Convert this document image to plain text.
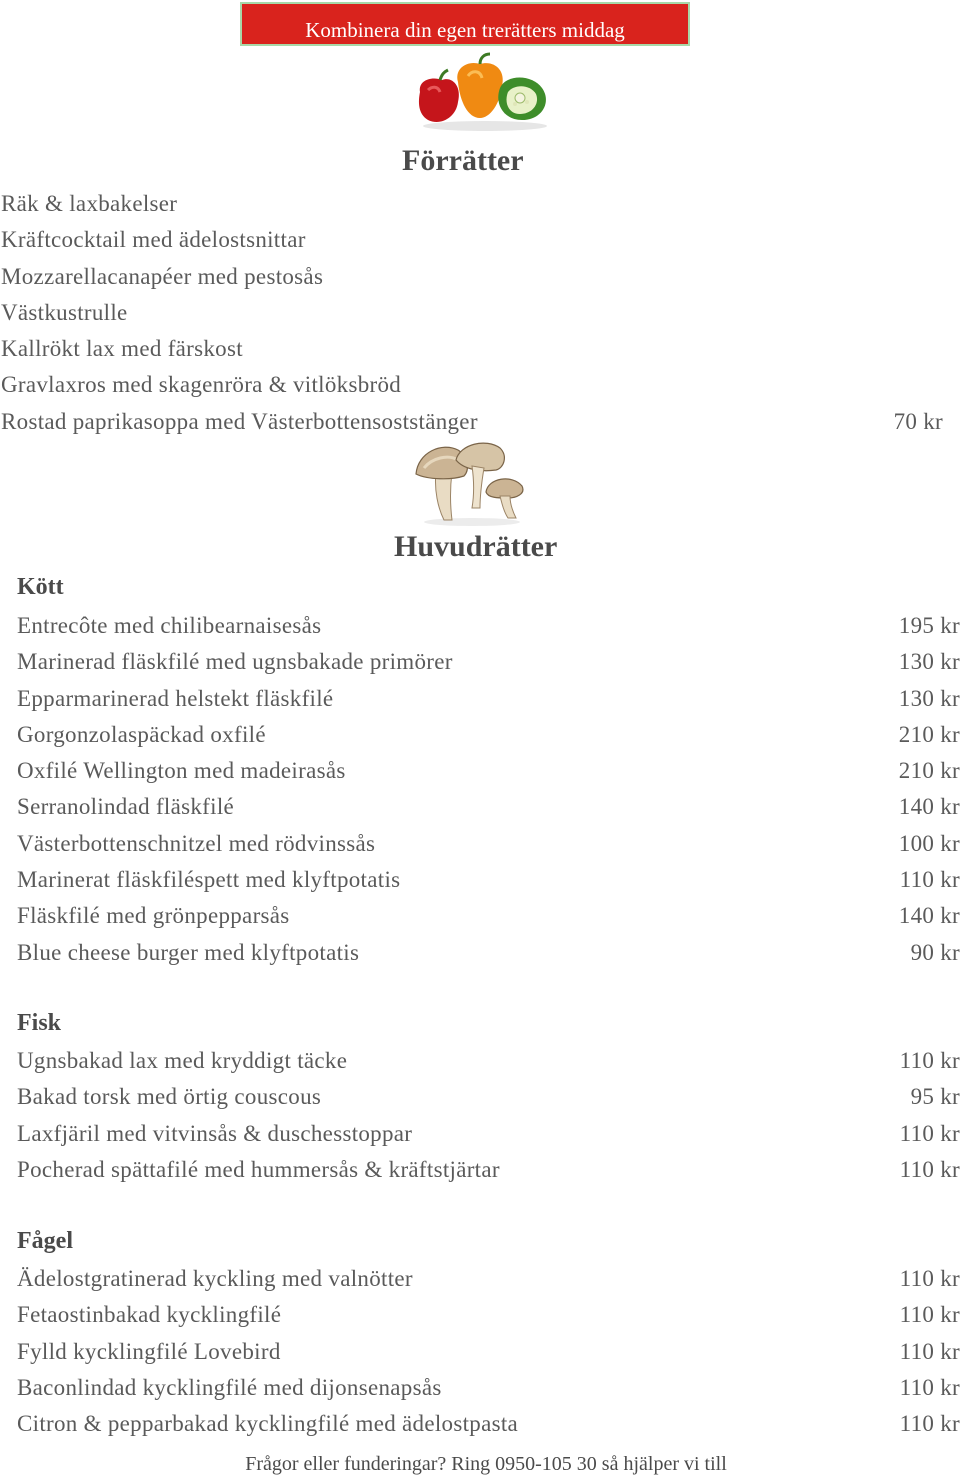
Kombinera din egen trerätters middag
Förrätter
Räk & laxbakelser
Kräftcocktail med ädelostsnittar
Mozzarellacanapéer med pestosås
Västkustrulle
Kallrökt lax med färskost
Gravlaxros med skagenröra & vitlöksbröd
Rostad paprikasoppa med Västerbottensoststänger	70 kr
Huvudrätter
Kött
Entrecôte med chilibearnaisesås	195 kr
Marinerad fläskfilé med ugnsbakade primörer	130 kr
Epparmarinerad helstekt fläskfilé	130 kr
Gorgonzolaspäckad oxfilé	210 kr
Oxfilé Wellington med madeirasås	210 kr
Serranolindad fläskfilé	140 kr
Västerbottenschnitzel med rödvinssås	100 kr
Marinerat fläskfiléspett med klyftpotatis	110 kr
Fläskfilé med grönpepparsås	140 kr
Blue cheese burger med klyftpotatis	90 kr
Fisk
Ugnsbakad lax med kryddigt täcke	110 kr
Bakad torsk med örtig couscous	95 kr
Laxfjäril med vitvinsås & duschesstoppar	110 kr
Pocherad spättafilé med hummersås & kräftstjärtar	110 kr
Fågel
Ädelostgratinerad kyckling med valnötter	110 kr
Fetaostinbakad kycklingfilé	110 kr
Fylld kycklingfilé Lovebird	110 kr
Baconlindad kycklingfilé med dijonsenapsås	110 kr
Citron & pepparbakad kycklingfilé med ädelostpasta	110 kr
Frågor eller funderingar? Ring 0950-105 30 så hjälper vi till
